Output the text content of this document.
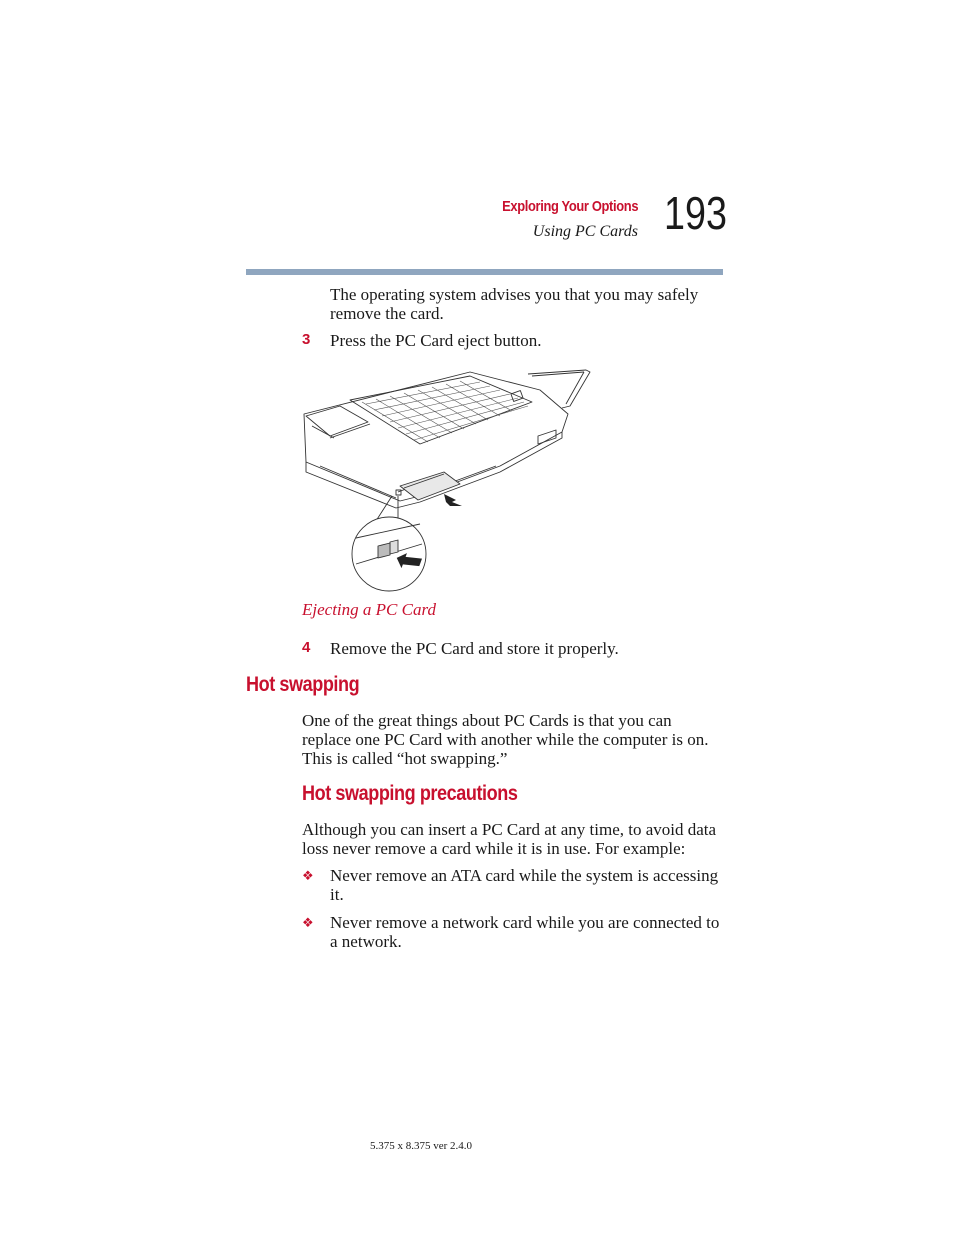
Exploring Your Options
Using PC Cards 193
The operating system advises you that you may safely remove the card.
3 Press the PC Card eject button.
Ejecting a PC Card
4 Remove the PC Card and store it properly.
Hot swapping
One of the great things about PC Cards is that you can replace one PC Card with another while the computer is on. This is called “hot swapping.”
Hot swapping precautions
Although you can insert a PC Card at any time, to avoid data loss never remove a card while it is in use. For example:
❖ Never remove an ATA card while the system is accessing it.
❖ Never remove a network card while you are connected to a network.
5.375 x 8.375 ver 2.4.0
